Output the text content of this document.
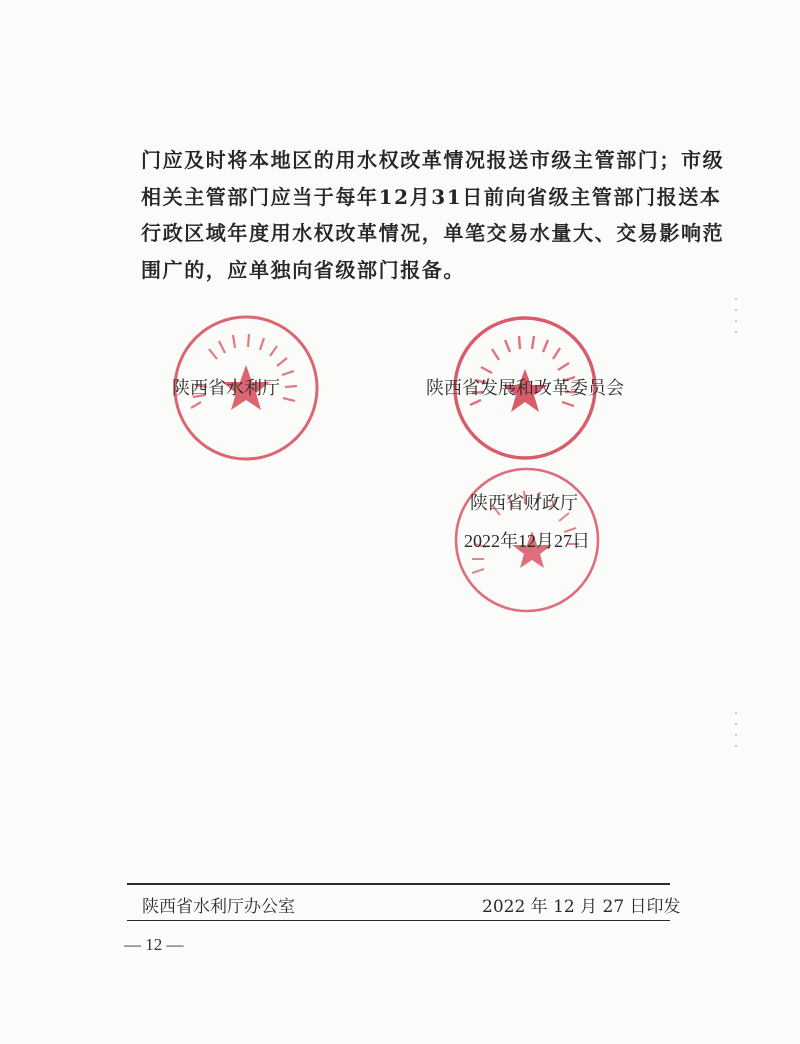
门应及时将本地区的用水权改革情况报送市级主管部门；市级

相关主管部门应当于每年12月31日前向省级主管部门报送本

行政区域年度用水权改革情况，单笔交易水量大、交易影响范

围广的，应单独向省级部门报备。

陕西省水利厅	陕西省发展和改革委员会
陕西省财政厅
2022年12月27日
陕西省水利厅办公室	2022 年 12 月 27 日印发
— 12 —
